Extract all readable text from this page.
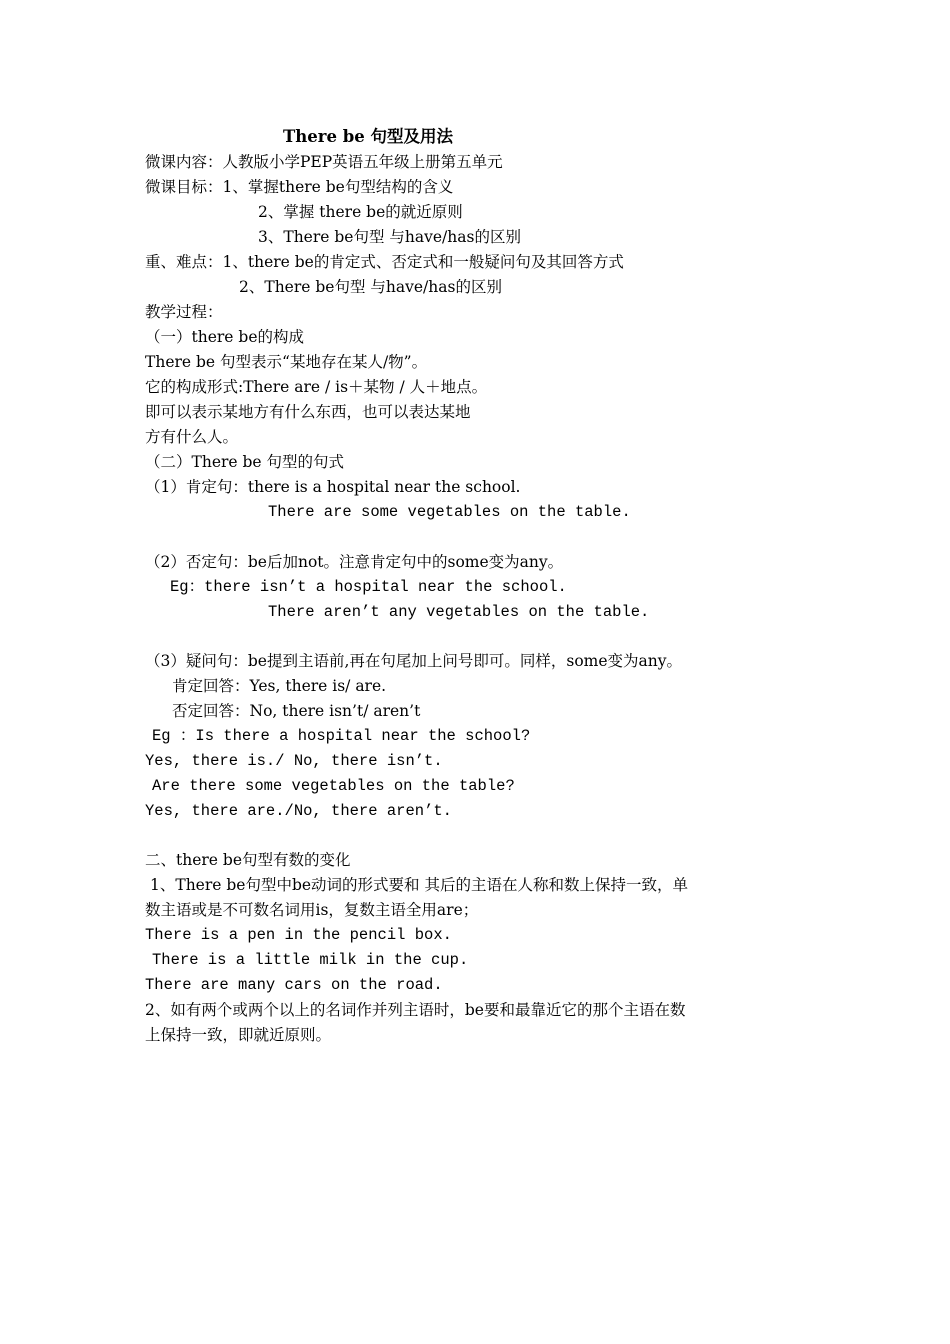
There be 句型及用法
微课内容：人教版小学PEP英语五年级上册第五单元
微课目标：1、掌握there be句型结构的含义
2、掌握 there be的就近原则
3、There be句型 与have/has的区别
重、难点：1、there be的肯定式、否定式和一般疑问句及其回答方式
2、There be句型 与have/has的区别
教学过程：
（一）there be的构成
There be 句型表示“某地存在某人/物”。
它的构成形式:There are / is＋某物 / 人＋地点。
即可以表示某地方有什么东西，也可以表达某地
方有什么人。
（二）There be 句型的句式
（1）肯定句：there is a hospital near the school.
There are some vegetables on the table.
（2）否定句：be后加not。注意肯定句中的some变为any。
Eg：there isn’t a hospital near the school.
There aren’t any vegetables on the table.
（3）疑问句：be提到主语前,再在句尾加上问号即可。同样，some变为any。
肯定回答：Yes, there is/ are.
否定回答：No, there isn’t/ aren’t
Eg ：Is there a hospital near the school?
Yes, there is./ No, there isn’t.
Are there some vegetables on the table?
Yes, there are./No, there aren’t.
二、there be句型有数的变化
1、There be句型中be动词的形式要和 其后的主语在人称和数上保持一致，单
数主语或是不可数名词用is，复数主语全用are；
There is a pen in the pencil box.
There is a little milk in the cup.
There are many cars on the road.
2、如有两个或两个以上的名词作并列主语时，be要和最靠近它的那个主语在数
上保持一致，即就近原则。
